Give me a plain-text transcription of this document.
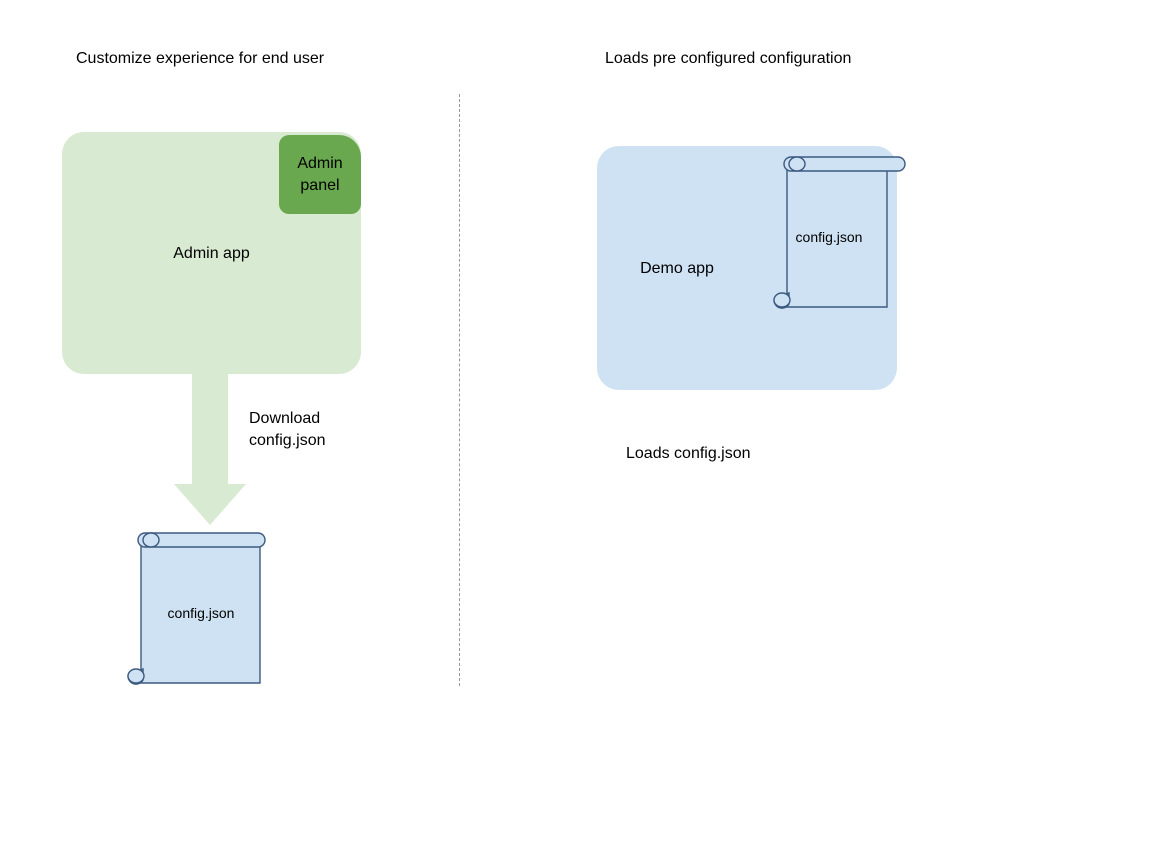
Customize experience for end user	Loads pre configured configuration
Admin app
Admin
panel
Download
config.json
config.json
Demo app
config.json
Loads config.json
